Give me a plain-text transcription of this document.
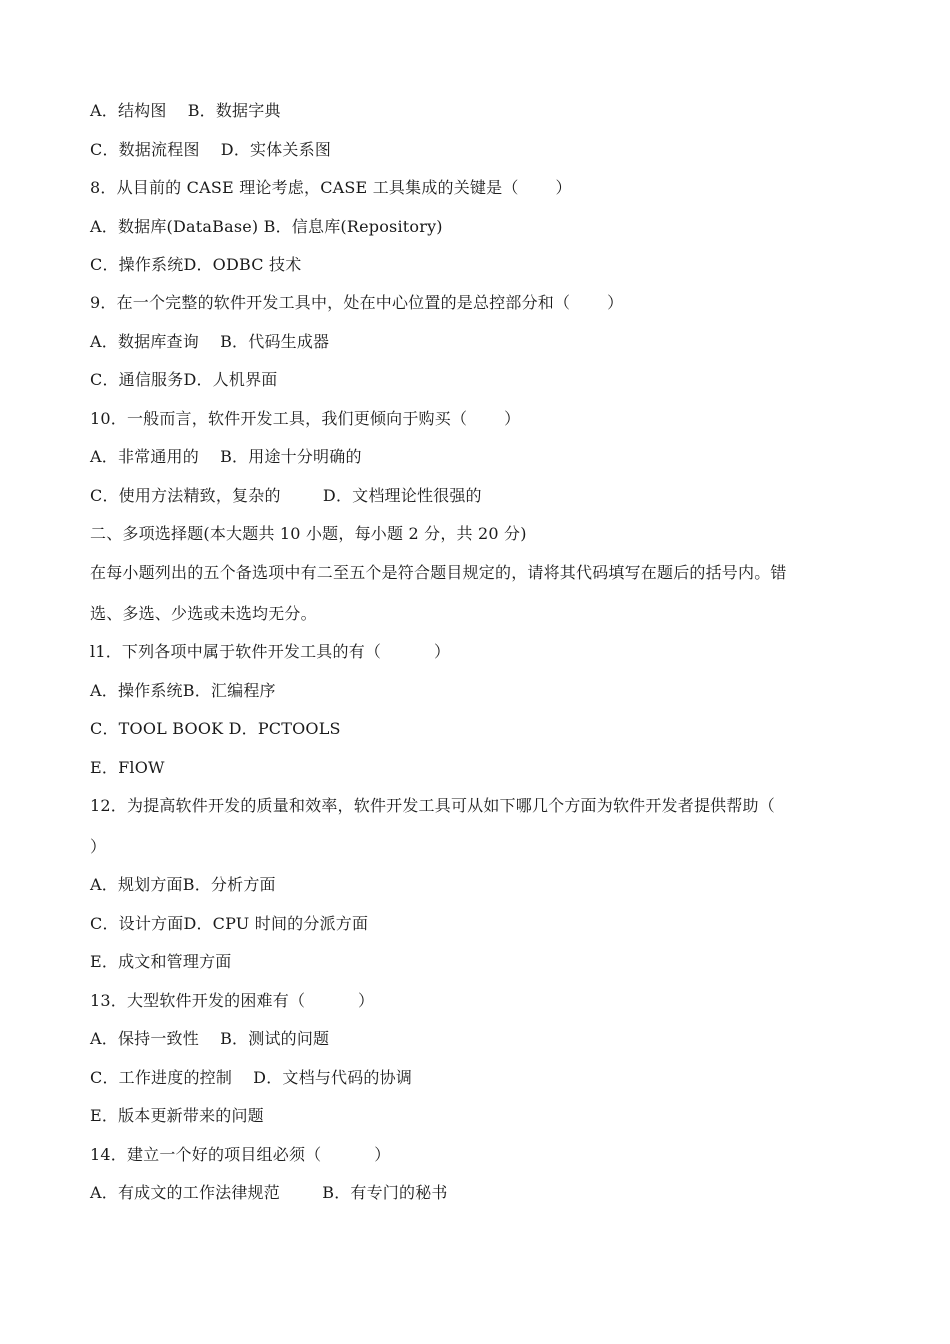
A．结构图    B．数据字典
C．数据流程图    D．实体关系图
8．从目前的 CASE 理论考虑，CASE 工具集成的关键是（       ）
A．数据库(DataBase) B．信息库(Repository)
C．操作系统D．ODBC 技术
9．在一个完整的软件开发工具中，处在中心位置的是总控部分和（       ）
A．数据库查询    B．代码生成器
C．通信服务D．人机界面
10．一般而言，软件开发工具，我们更倾向于购买（       ）
A．非常通用的    B．用途十分明确的
C．使用方法精致，复杂的        D．文档理论性很强的
二、多项选择题(本大题共 10 小题，每小题 2 分，共 20 分)
在每小题列出的五个备选项中有二至五个是符合题目规定的，请将其代码填写在题后的括号内。错
选、多选、少选或未选均无分。
l1．下列各项中属于软件开发工具的有（          ）
A．操作系统B．汇编程序
C．TOOL BOOK D．PCTOOLS
E．FlOW
12．为提高软件开发的质量和效率，软件开发工具可从如下哪几个方面为软件开发者提供帮助（
）
A．规划方面B．分析方面
C．设计方面D．CPU 时间的分派方面
E．成文和管理方面
13．大型软件开发的困难有（          ）
A．保持一致性    B．测试的问题
C．工作进度的控制    D．文档与代码的协调
E．版本更新带来的问题
14．建立一个好的项目组必须（          ）
A．有成文的工作法律规范        B．有专门的秘书
